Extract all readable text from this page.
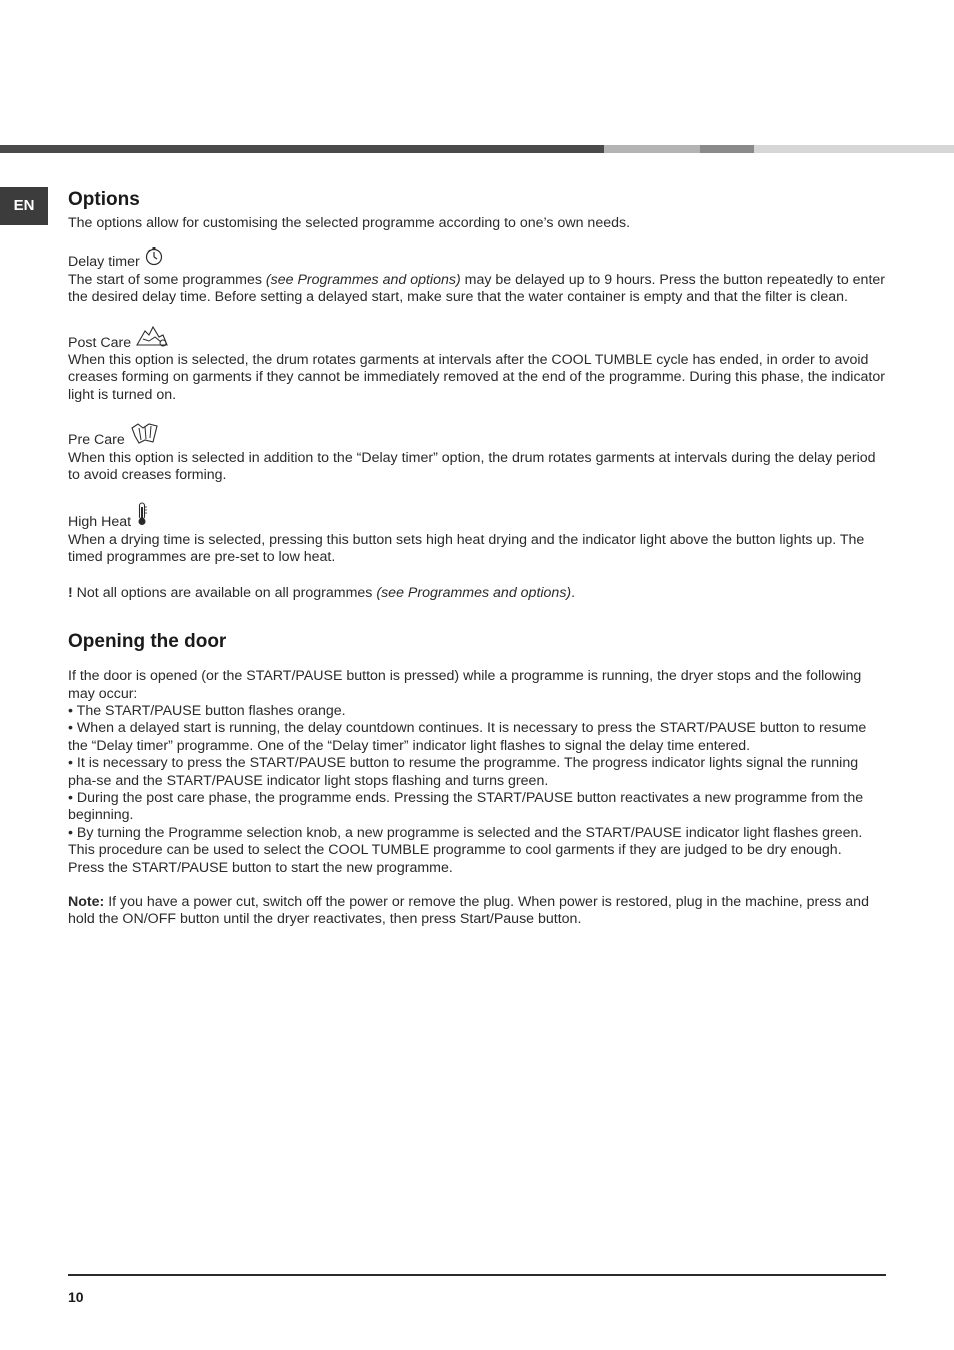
EN	Options

The options allow for customising the selected programme according to one’s own needs.

Delay timer

The start of some programmes (see Programmes and options) may be delayed up to 9 hours. Press the button repeatedly to enter the desired delay time. Before setting a delayed start, make sure that the water container is empty and that the filter is clean.

Post Care

When this option is selected, the drum rotates garments at intervals after the COOL TUMBLE cycle has ended, in order to avoid creases forming on garments if they cannot be immediately removed at the end of the programme. During this phase, the indicator light is turned on.

Pre Care

When this option is selected in addition to the “Delay timer” option, the drum rotates garments at intervals during the delay period to avoid creases forming.

High Heat

When a drying time is selected, pressing this button sets high heat drying and the indicator light above the button lights up. The timed programmes are pre-set to low heat.

! Not all options are available on all programmes (see Programmes and options).

Opening the door

If the door is opened (or the START/PAUSE button is pressed) while a programme is running, the dryer stops and the following may occur:

• The START/PAUSE button flashes orange.

• When a delayed start is running, the delay countdown continues. It is necessary to press the START/PAUSE button to resume the “Delay timer” programme. One of the “Delay timer” indicator light flashes to signal the delay time entered.

• It is necessary to press the START/PAUSE button to resume the programme. The progress indicator lights signal the running pha-se and the START/PAUSE indicator light stops flashing and turns green.

• During the post care phase, the programme ends. Pressing the START/PAUSE button reactivates a new programme from the beginning.

• By turning the Programme selection knob, a new programme is selected and the START/PAUSE indicator light flashes green. This procedure can be used to select the COOL TUMBLE programme to cool garments if they are judged to be dry enough.

Press the START/PAUSE button to start the new programme.

Note: If you have a power cut, switch off the power or remove the plug. When power is restored, plug in the machine, press and hold the ON/OFF button until the dryer reactivates, then press Start/Pause button.

10
